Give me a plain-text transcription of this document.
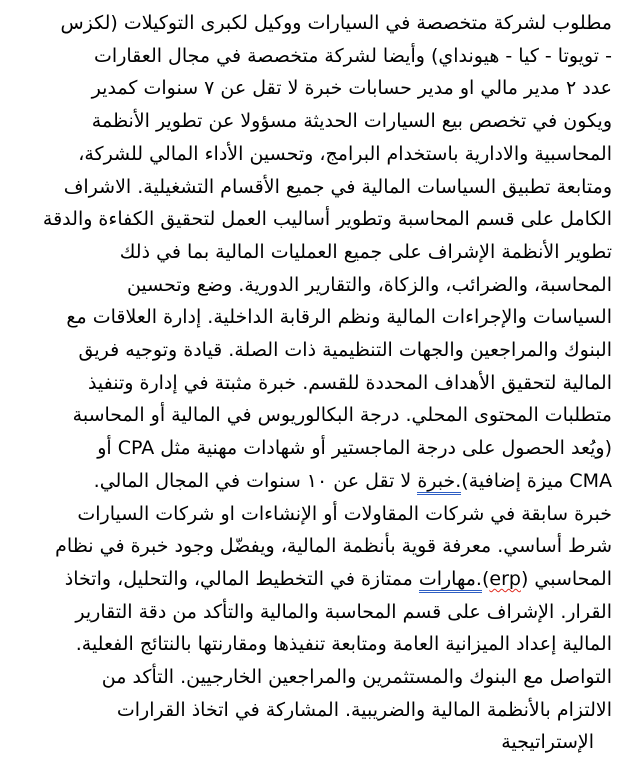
مطلوب لشركة متخصصة في السيارات ووكيل لكبرى التوكيلات (لكزس
- تويوتا - كيا - هيونداي) وأيضا لشركة متخصصة في مجال العقارات
عدد ٢ مدير مالي او مدير حسابات خبرة لا تقل عن ٧ سنوات كمدير
ويكون في تخصص بيع السيارات الحديثة مسؤولا عن تطوير الأنظمة
المحاسبية والادارية باستخدام البرامج، وتحسين الأداء المالي للشركة،
ومتابعة تطبيق السياسات المالية في جميع الأقسام التشغيلية. الاشراف
الكامل على قسم المحاسبة وتطوير أساليب العمل لتحقيق الكفاءة والدقة
تطوير الأنظمة الإشراف على جميع العمليات المالية بما في ذلك
المحاسبة، والضرائب، والزكاة، والتقارير الدورية. وضع وتحسين
السياسات والإجراءات المالية ونظم الرقابة الداخلية. إدارة العلاقات مع
البنوك والمراجعين والجهات التنظيمية ذات الصلة. قيادة وتوجيه فريق
المالية لتحقيق الأهداف المحددة للقسم. خبرة مثبتة في إدارة وتنفيذ
متطلبات المحتوى المحلي. درجة البكالوريوس في المالية أو المحاسبة
(ويُعد الحصول على درجة الماجستير أو شهادات مهنية مثل CPA أو
CMA ميزة إضافية).خبرة لا تقل عن ١٠ سنوات في المجال المالي.
خبرة سابقة في شركات المقاولات أو الإنشاءات او شركات السيارات
شرط أساسي. معرفة قوية بأنظمة المالية، ويفضّل وجود خبرة في نظام
المحاسبي (erp).مهارات ممتازة في التخطيط المالي، والتحليل، واتخاذ
القرار. الإشراف على قسم المحاسبة والمالية والتأكد من دقة التقارير
المالية إعداد الميزانية العامة ومتابعة تنفيذها ومقارنتها بالنتائج الفعلية.
التواصل مع البنوك والمستثمرين والمراجعين الخارجيين. التأكد من
الالتزام بالأنظمة المالية والضريبية. المشاركة في اتخاذ القرارات
الإستراتيجية
